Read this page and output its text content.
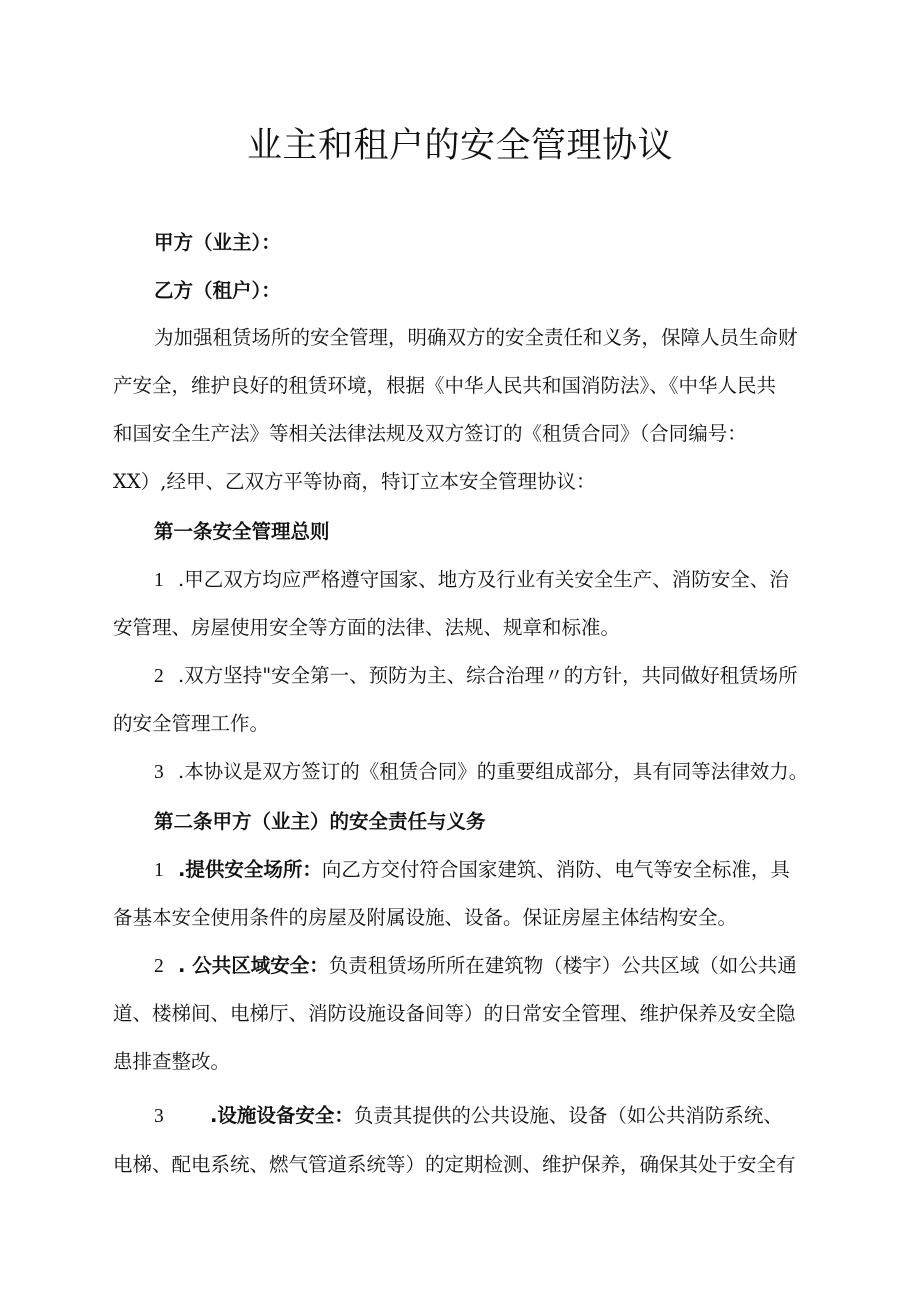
业主和租户的安全管理协议
甲方（业主）：
乙方（租户）：
为加强租赁场所的安全管理，明确双方的安全责任和义务，保障人员生命财
产安全，维护良好的租赁环境，根据《中华人民共和国消防法》、《中华人民共
和国安全生产法》等相关法律法规及双方签订的《租赁合同》（合同编号：
XX）,经甲、乙双方平等协商，特订立本安全管理协议：
第一条安全管理总则
1 .甲乙双方均应严格遵守国家、地方及行业有关安全生产、消防安全、治
安管理、房屋使用安全等方面的法律、法规、规章和标准。
2 .双方坚持"安全第一、预防为主、综合治理〃的方针，共同做好租赁场所
的安全管理工作。
3 .本协议是双方签订的《租赁合同》的重要组成部分，具有同等法律效力。
第二条甲方（业主）的安全责任与义务
1 .提供安全场所：向乙方交付符合国家建筑、消防、电气等安全标准，具
备基本安全使用条件的房屋及附属设施、设备。保证房屋主体结构安全。
2 . 公共区域安全：负责租赁场所所在建筑物（楼宇）公共区域（如公共通
道、楼梯间、电梯厅、消防设施设备间等）的日常安全管理、维护保养及安全隐
患排查整改。
3 .设施设备安全：负责其提供的公共设施、设备（如公共消防系统、
电梯、配电系统、燃气管道系统等）的定期检测、维护保养，确保其处于安全有
